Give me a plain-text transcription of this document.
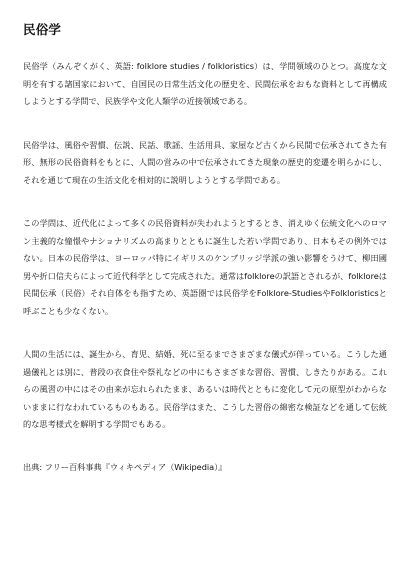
民俗学

民俗学（みんぞくがく、英語: folklore studies / folkloristics）は、学問領域のひとつ。高度な文明を有する諸国家において、自国民の日常生活文化の歴史を、民間伝承をおもな資料として再構成しようとする学問で、民族学や文化人類学の近接領域である。

民俗学は、風俗や習慣、伝説、民話、歌謡、生活用具、家屋など古くから民間で伝承されてきた有形、無形の民俗資料をもとに、人間の営みの中で伝承されてきた現象の歴史的変遷を明らかにし、それを通じて現在の生活文化を相対的に説明しようとする学問である。

この学問は、近代化によって多くの民俗資料が失われようとするとき、消えゆく伝統文化へのロマン主義的な憧憬やナショナリズムの高まりとともに誕生した若い学問であり、日本もその例外ではない。日本の民俗学は、ヨーロッパ特にイギリスのケンブリッジ学派の強い影響をうけて、柳田國男や折口信夫らによって近代科学として完成された。通常はfolkloreの訳語とされるが、folkloreは民間伝承（民俗）それ自体をも指すため、英語圏では民俗学をFolklore-StudiesやFolkloristicsと呼ぶことも少なくない。

人間の生活には、誕生から、育児、結婚、死に至るまでさまざまな儀式が伴っている。こうした通過儀礼とは別に、普段の衣食住や祭礼などの中にもさまざまな習俗、習慣、しきたりがある。これらの風習の中にはその由来が忘れられたまま、あるいは時代とともに変化して元の原型がわからないままに行なわれているものもある。民俗学はまた、こうした習俗の綿密な検証などを通して伝統的な思考様式を解明する学問でもある。

出典: フリー百科事典『ウィキペディア（Wikipedia）』
